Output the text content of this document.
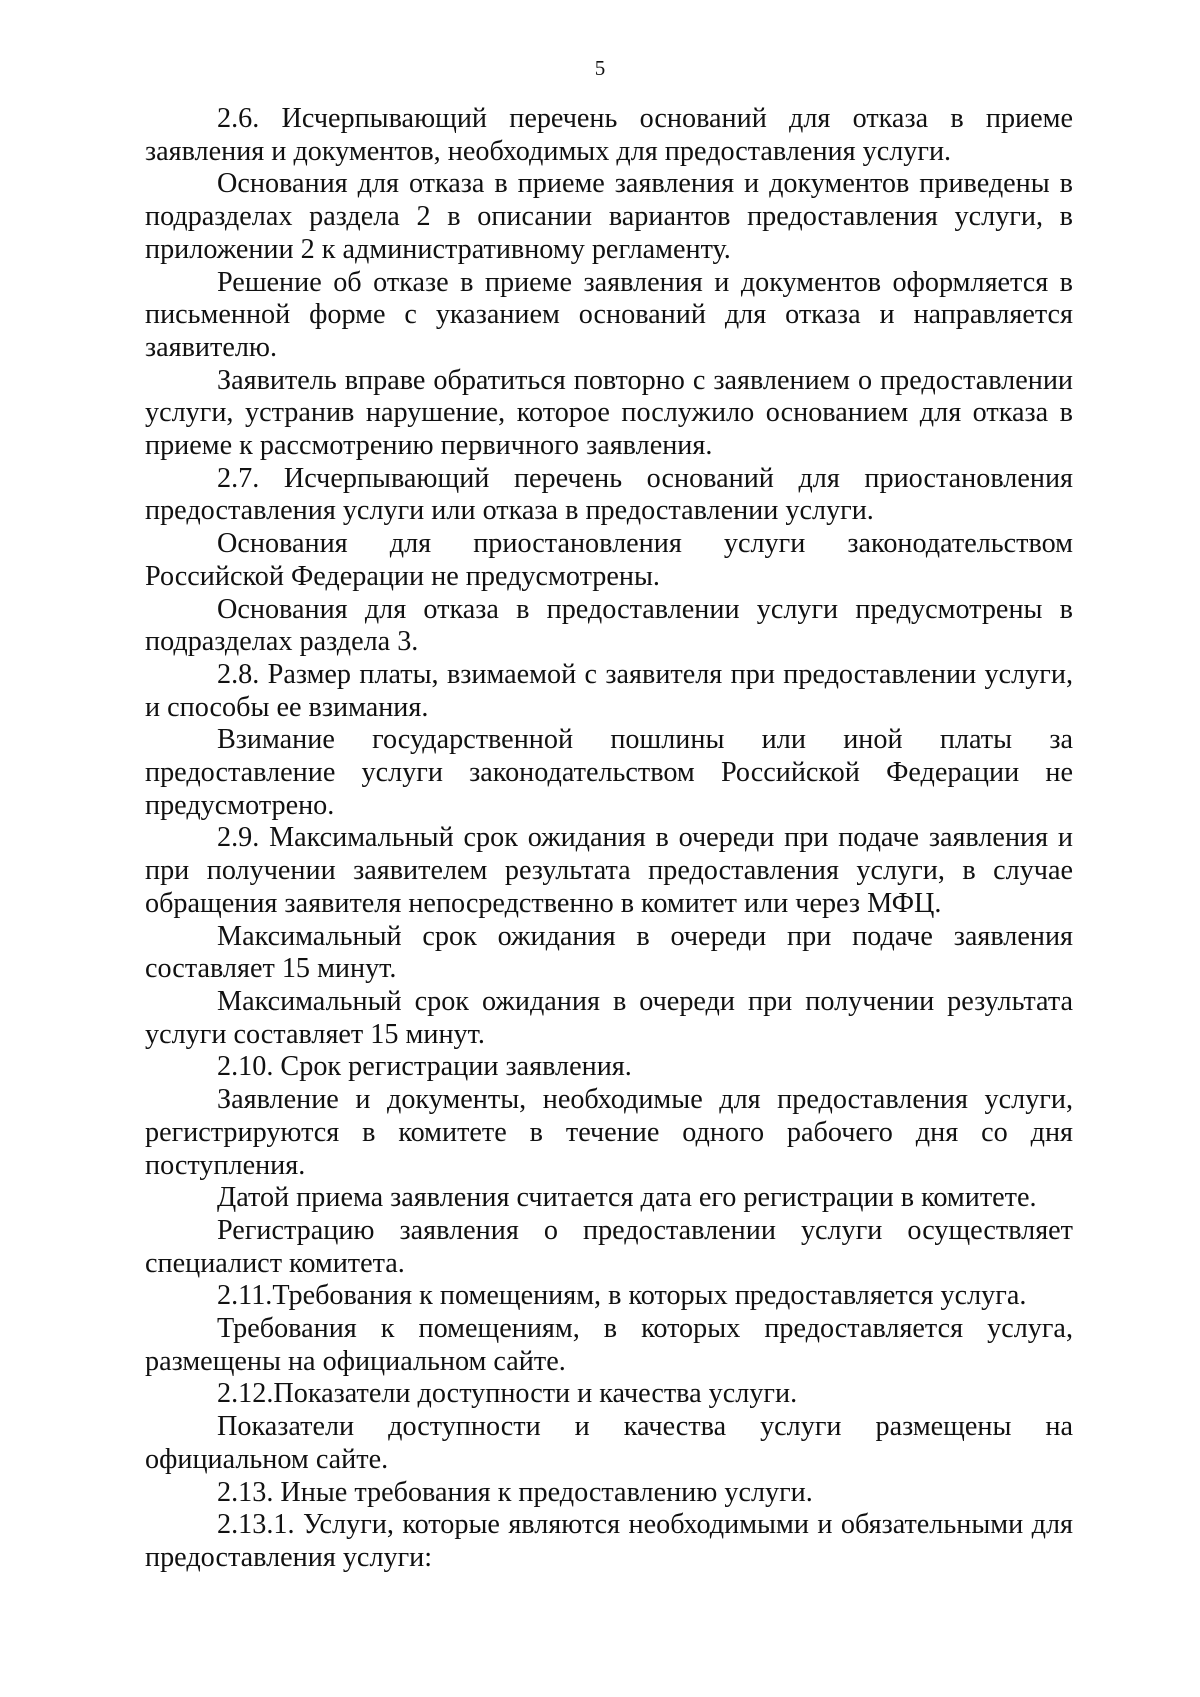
5

2.6. Исчерпывающий перечень оснований для отказа в приеме заявления и документов, необходимых для предоставления услуги.

Основания для отказа в приеме заявления и документов приведены в подразделах раздела 2 в описании вариантов предоставления услуги, в приложении 2 к административному регламенту.

Решение об отказе в приеме заявления и документов оформляется в письменной форме с указанием оснований для отказа и направляется заявителю.

Заявитель вправе обратиться повторно с заявлением о предоставлении услуги, устранив нарушение, которое послужило основанием для отказа в приеме к рассмотрению первичного заявления.

2.7. Исчерпывающий перечень оснований для приостановления предоставления услуги или отказа в предоставлении услуги.

Основания для приостановления услуги законодательством Российской Федерации не предусмотрены.

Основания для отказа в предоставлении услуги предусмотрены в подразделах раздела 3.

2.8. Размер платы, взимаемой с заявителя при предоставлении услуги, и способы ее взимания.

Взимание государственной пошлины или иной платы за предоставление услуги законодательством Российской Федерации не предусмотрено.

2.9. Максимальный срок ожидания в очереди при подаче заявления и при получении заявителем результата предоставления услуги, в случае обращения заявителя непосредственно в комитет или через МФЦ.

Максимальный срок ожидания в очереди при подаче заявления составляет 15 минут.

Максимальный срок ожидания в очереди при получении результата услуги составляет 15 минут.

2.10. Срок регистрации заявления.

Заявление и документы, необходимые для предоставления услуги, регистрируются в комитете в течение одного рабочего дня со дня поступления.

Датой приема заявления считается дата его регистрации в комитете.

Регистрацию заявления о предоставлении услуги осуществляет специалист комитета.

2.11.Требования к помещениям, в которых предоставляется услуга.

Требования к помещениям, в которых предоставляется услуга, размещены на официальном сайте.

2.12.Показатели доступности и качества услуги.

Показатели доступности и качества услуги размещены на официальном сайте.

2.13. Иные требования к предоставлению услуги.

2.13.1. Услуги, которые являются необходимыми и обязательными для предоставления услуги:
